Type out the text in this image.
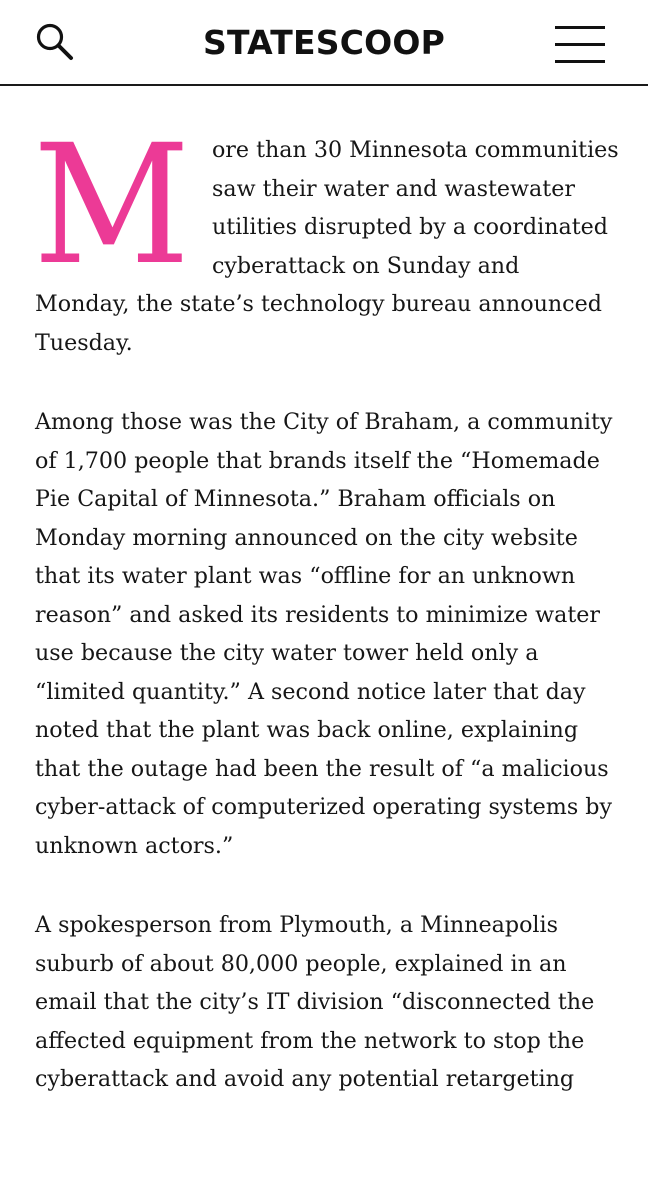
STATESCOOP

More than 30 Minnesota communities saw their water and wastewater utilities disrupted by a coordinated cyberattack on Sunday and Monday, the state’s technology bureau announced Tuesday.

Among those was the City of Braham, a community of 1,700 people that brands itself the “Homemade Pie Capital of Minnesota.” Braham officials on Monday morning announced on the city website that its water plant was “offline for an unknown reason” and asked its residents to minimize water use because the city water tower held only a “limited quantity.” A second notice later that day noted that the plant was back online, explaining that the outage had been the result of “a malicious cyber-attack of computerized operating systems by unknown actors.”

A spokesperson from Plymouth, a Minneapolis suburb of about 80,000 people, explained in an email that the city’s IT division “disconnected the affected equipment from the network to stop the cyberattack and avoid any potential retargeting
